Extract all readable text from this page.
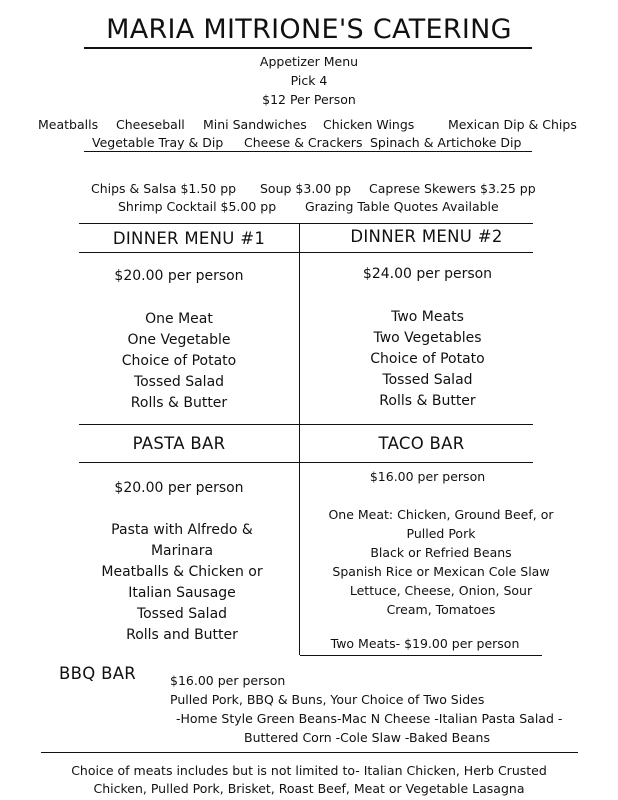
MARIA MITRIONE'S CATERING
Appetizer Menu
Pick 4
$12 Per Person
Meatballs Cheeseball Mini Sandwiches Chicken Wings	Mexican Dip & Chips
Vegetable Tray & Dip Cheese & Crackers Spinach & Artichoke Dip
Chips & Salsa $1.50 pp Soup $3.00 pp Caprese Skewers $3.25 pp
Shrimp Cocktail $5.00 pp Grazing Table Quotes Available
DINNER MENU #1
$20.00 per person
One Meat
One Vegetable
Choice of Potato
Tossed Salad
Rolls & Butter
DINNER MENU #2
$24.00 per person
Two Meats
Two Vegetables
Choice of Potato
Tossed Salad
Rolls & Butter
PASTA BAR
$20.00 per person
Pasta with Alfredo &
Marinara
Meatballs & Chicken or
Italian Sausage
Tossed Salad
Rolls and Butter
TACO BAR
$16.00 per person
One Meat: Chicken, Ground Beef, or
Pulled Pork
Black or Refried Beans
Spanish Rice or Mexican Cole Slaw
Lettuce, Cheese, Onion, Sour
Cream, Tomatoes
Two Meats- $19.00 per person
BBQ BAR	$16.00 per person
Pulled Pork, BBQ & Buns, Your Choice of Two Sides
-Home Style Green Beans-Mac N Cheese -Italian Pasta Salad -
Buttered Corn -Cole Slaw -Baked Beans
Choice of meats includes but is not limited to- Italian Chicken, Herb Crusted
Chicken, Pulled Pork, Brisket, Roast Beef, Meat or Vegetable Lasagna
